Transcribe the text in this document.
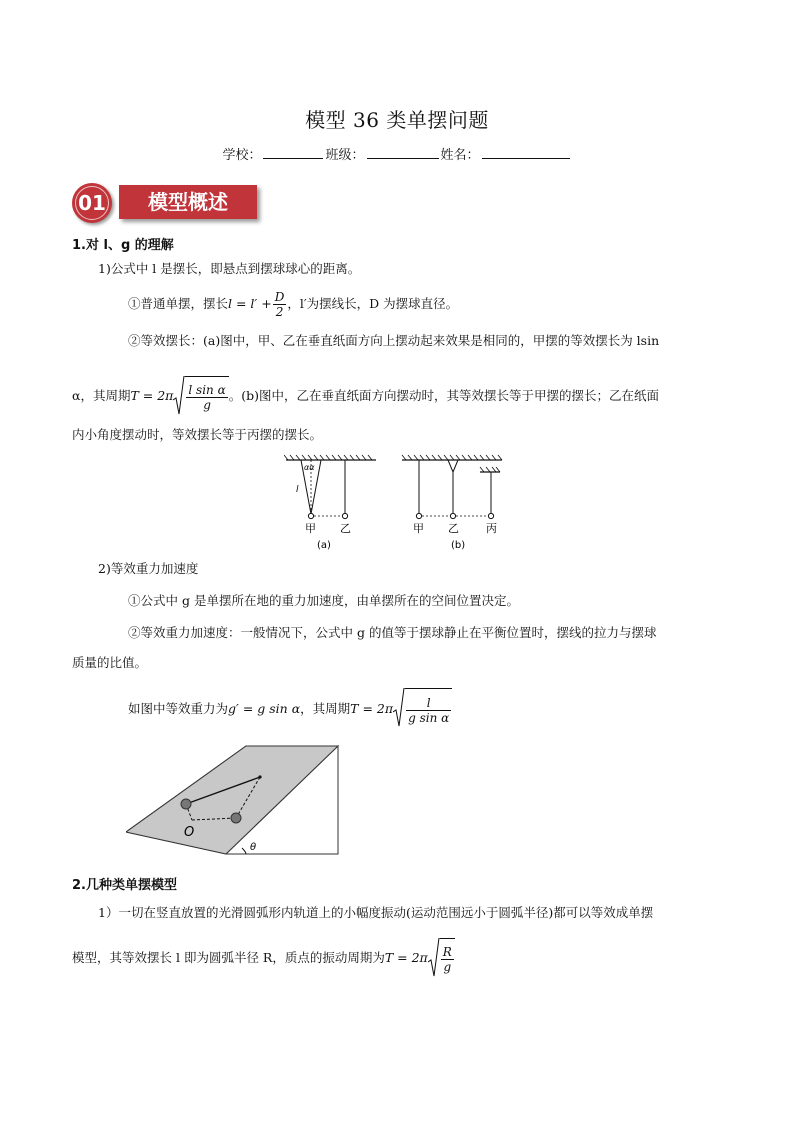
模型 36 类单摆问题
学校：	班级：	姓名：
01	模型概述
1.对 l、g 的理解
1)公式中 l 是摆长，即悬点到摆球球心的距离。
①普通单摆，摆长$l = l' + \frac{D}{2}$ ，l′为摆线长，D 为摆球直径。
②等效摆长：(a)图中，甲、乙在垂直纸面方向上摆动起来效果是相同的，甲摆的等效摆长为 lsin
α，其周期$T = 2\pi \frac{\text{l sin α}}{g}$ 。(b)图中，乙在垂直纸面方向摆动时，其等效摆长等于甲摆的摆长；乙在纸面
内小角度摆动时，等效摆长等于丙摆的摆长。
αα
l
甲 乙
(a)
甲 乙 丙
(b)
2)等效重力加速度
①公式中 g 是单摆所在地的重力加速度，由单摆所在的空间位置决定。
②等效重力加速度：一般情况下，公式中 g 的值等于摆球静止在平衡位置时，摆线的拉力与摆球
质量的比值。
如图中等效重力为g′ = g sin α，其周期$T = 2\pi \frac{l}{\text{g sin α}}$
O
θ
2.几种类单摆模型
1）一切在竖直放置的光滑圆弧形内轨道上的小幅度振动(运动范围远小于圆弧半径)都可以等效成单摆
模型，其等效摆长 l 即为圆弧半径 R，质点的振动周期为$T = 2\pi \frac{R}{g}$
